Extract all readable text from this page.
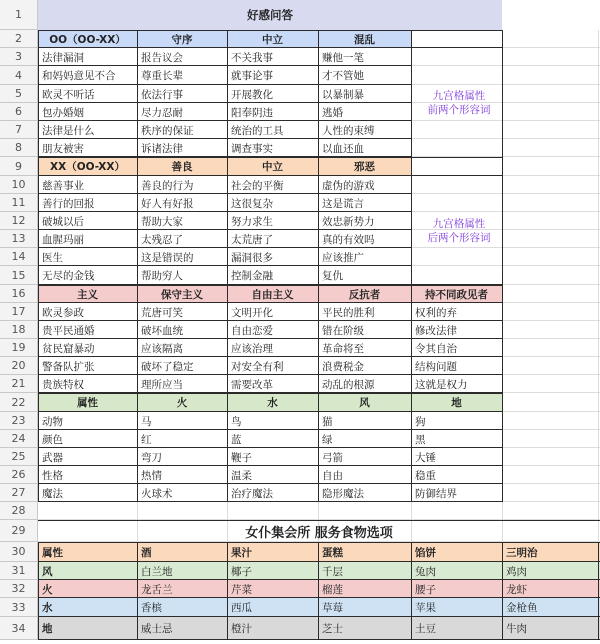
1
2
3
4
5
6
7
8
9
10
11
12
13
14
15
16
17
18
19
20
21
22
23
24
25
26
27
28
29
30
31
32
33
34
好感问答
OO（OO-XX）	守序	中立	混乱
法律漏洞	报告议会	不关我事	赚他一笔
和妈妈意见不合	尊重长辈	就事论事	才不管她
欧灵不听话	依法行事	开展教化	以暴制暴
包办婚姻	尽力忍耐	阳奉阴违	逃婚
法律是什么	秩序的保证	统治的工具	人性的束缚
朋友被害	诉诸法律	调查事实	以血还血
九宫格属性
前两个形容词
XX（OO-XX）	善良	中立	邪恶
慈善事业	善良的行为	社会的平衡	虚伪的游戏
善行的回报	好人有好报	这很复杂	这是谎言
破城以后	帮助大家	努力求生	效忠新势力
血腥玛丽	太残忍了	太荒唐了	真的有效吗
医生	这是错误的	漏洞很多	应该推广
无尽的金钱	帮助穷人	控制金融	复仇
九宫格属性
后两个形容词
主义	保守主义	自由主义	反抗者	持不同政见者
欧灵参政	荒唐可笑	文明开化	平民的胜利	权利的弃
贵平民通婚	破坏血统	自由恋爱	错在阶级	修改法律
贫民窟暴动	应该隔离	应该治理	革命将至	令其自治
警备队扩张	破坏了稳定	对安全有利	浪费税金	结构问题
贵族特权	理所应当	需要改革	动乱的根源	这就是权力
属性	火	水	风	地
动物	马	鸟	猫	狗
颜色	红	蓝	绿	黑
武器	弯刀	鞭子	弓箭	大锤
性格	热情	温柔	自由	稳重
魔法	火球术	治疗魔法	隐形魔法	防御结界
女仆集会所 服务食物选项
属性	酒	果汁	蛋糕	馅饼	三明治
风	白兰地	椰子	千层	兔肉	鸡肉
火	龙舌兰	芹菜	榴莲	腰子	龙虾
水	香槟	西瓜	草莓	苹果	金枪鱼
地	威士忌	橙汁	芝士	土豆	牛肉
